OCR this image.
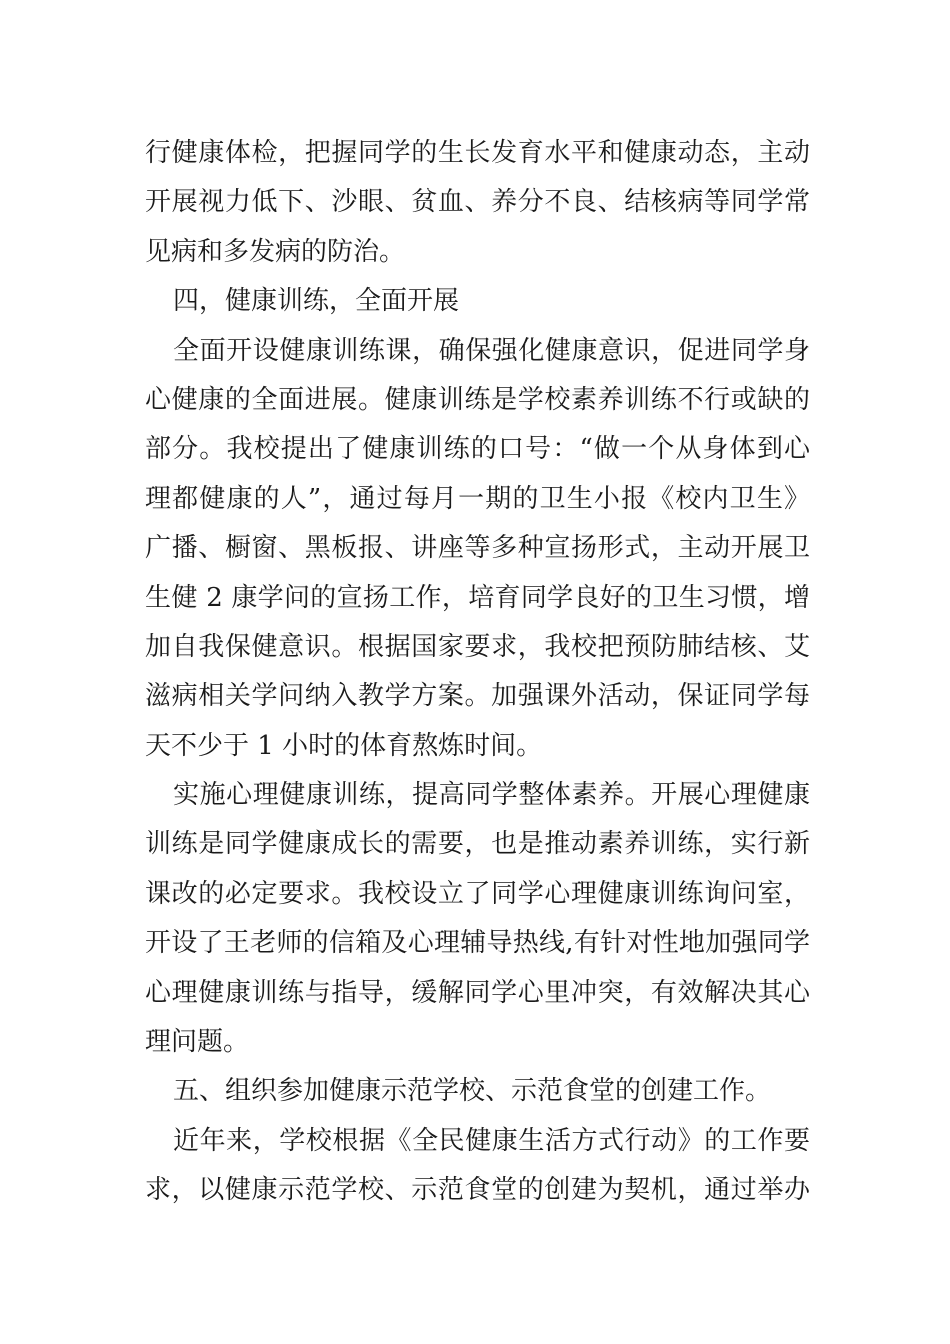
行健康体检，把握同学的生长发育水平和健康动态，主动
开展视力低下、沙眼、贫血、养分不良、结核病等同学常
见病和多发病的防治。
四，健康训练，全面开展
全面开设健康训练课，确保强化健康意识，促进同学身
心健康的全面进展。健康训练是学校素养训练不行或缺的
部分。我校提出了健康训练的口号：“做一个从身体到心
理都健康的人”，通过每月一期的卫生小报《校内卫生》
广播、橱窗、黑板报、讲座等多种宣扬形式，主动开展卫
生健 2 康学问的宣扬工作，培育同学良好的卫生习惯，增
加自我保健意识。根据国家要求，我校把预防肺结核、艾
滋病相关学问纳入教学方案。加强课外活动，保证同学每
天不少于 1 小时的体育熬炼时间。
实施心理健康训练，提高同学整体素养。开展心理健康
训练是同学健康成长的需要，也是推动素养训练，实行新
课改的必定要求。我校设立了同学心理健康训练询问室，
开设了王老师的信箱及心理辅导热线,有针对性地加强同学
心理健康训练与指导，缓解同学心里冲突，有效解决其心
理问题。
五、组织参加健康示范学校、示范食堂的创建工作。
近年来，学校根据《全民健康生活方式行动》的工作要
求，以健康示范学校、示范食堂的创建为契机，通过举办
